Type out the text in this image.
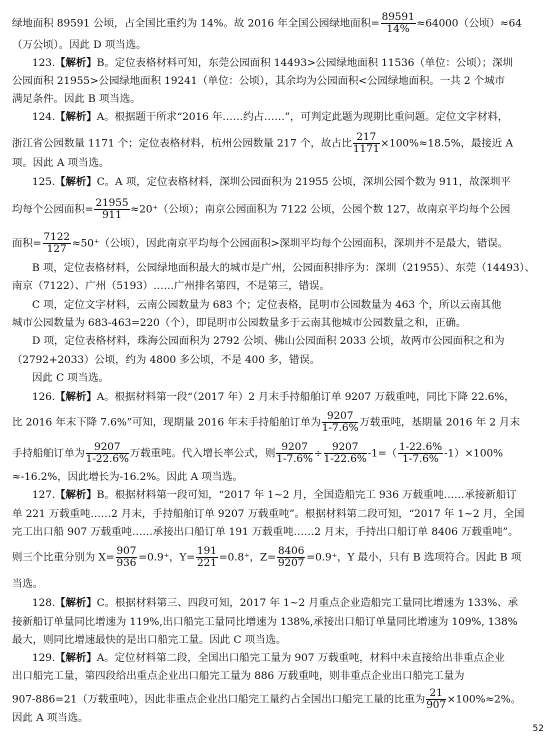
绿地面积 89591 公顷，占全国比重约为 14%。故 2016 年全国公园绿地面积= $\frac{89591}{14\%} \approx 64000$（公顷）≈64
（万公顷）。因此 D 项当选。
123.【解析】B。定位表格材料可知，东莞公园面积 14493>公园绿地面积 11536（单位：公顷）；深圳
公园面积 21955>公园绿地面积 19241（单位：公顷），其余均为公园面积<公园绿地面积。一共 2 个城市
满足条件。因此 B 项当选。
124.【解析】A。根据题干所求“2016 年……约占……”，可判定此题为现期比重问题。定位文字材料，
浙江省公园数量 1171 个；定位表格材料，杭州公园数量 217 个，故占比 $\frac{217}{1171} \times 100\%\approx 18.5\%$，最接近 A
项。因此 A 项当选。
125.【解析】C。A 项，定位表格材料，深圳公园面积为 21955 公顷，深圳公园个数为 911，故深圳平
均每个公园面积= $\frac{21955}{911} \approx 20^+$（公顷）；南京公园面积为 7122 公顷，公园个数 127，故南京平均每个公园
面积= $\frac{7122}{127} \approx 50^+$（公顷），因此南京平均每个公园面积>深圳平均每个公园面积，深圳并不是最大，错误。
B 项，定位表格材料，公园绿地面积最大的城市是广州，公园面积排序为：深圳（21955）、东莞（14493）、
南京（7122）、广州（5193）……广州排名第四，不是第三，错误。
C 项，定位文字材料，云南公园数量为 683 个；定位表格，昆明市公园数量为 463 个，所以云南其他
城市公园数量为 683-463=220（个），即昆明市公园数量多于云南其他城市公园数量之和，正确。
D 项，定位表格材料，珠海公园面积为 2792 公顷、佛山公园面积 2033 公顷，故两市公园面积之和为
（2792+2033）公顷，约为 4800 多公顷，不是 400 多，错误。
因此 C 项当选。
126.【解析】A。根据材料第一段“（2017 年）2 月末手持船舶订单 9207 万载重吨，同比下降 22.6%，
比 2016 年末下降 7.6%”可知，现期量 2016 年末手持船舶订单为 $\frac{9207}{1-7.6\%}$ 万载重吨，基期量 2016 年 2 月末
手持船舶订单为 $\frac{9207}{1-22.6\%}$ 万载重吨。代入增长率公式，则 $\frac{9207}{1-7.6\%} \div \frac{9207}{1-22.6\%} -1=( \frac{1-22.6\%}{1-7.6\%} -1)\times 100\%$
≈-16.2%，因此增长为-16.2%。因此 A 项当选。
127.【解析】B。根据材料第一段可知，“2017 年 1~2 月，全国造船完工 936 万载重吨……承接新船订
单 221 万载重吨……2 月末，手持船舶订单 9207 万载重吨”。根据材料第二段可知，“2017 年 1~2 月，全国
完工出口船 907 万载重吨……承接出口船订单 191 万载重吨……2 月末，手持出口船订单 8406 万载重吨”。
则三个比重分别为 $X= \frac{907}{936} =0.9^+$，$Y= \frac{191}{221} =0.8^+$，$Z= \frac{8406}{9207} =0.9^+$，Y 最小，只有 B 选项符合。因此 B 项
当选。
128.【解析】C。根据材料第三、四段可知，2017 年 1~2 月重点企业造船完工量同比增速为 133%、承
接新船订单量同比增速为 119%,出口船完工量同比增速为 138%,承接出口船订单量同比增速为 109%, 138%
最大，则同比增速最快的是出口船完工量。因此 C 项当选。
129.【解析】A。定位材料第二段，全国出口船完工量为 907 万载重吨，材料中未直接给出非重点企业
出口船完工量，第四段给出重点企业出口船完工量为 886 万载重吨，则非重点企业出口船完工量为
907-886=21（万载重吨），因此非重点企业出口船完工量约占全国出口船完工量的比重为 $\frac{21}{907} \times 100\%\approx 2\%$。
因此 A 项当选。
52
